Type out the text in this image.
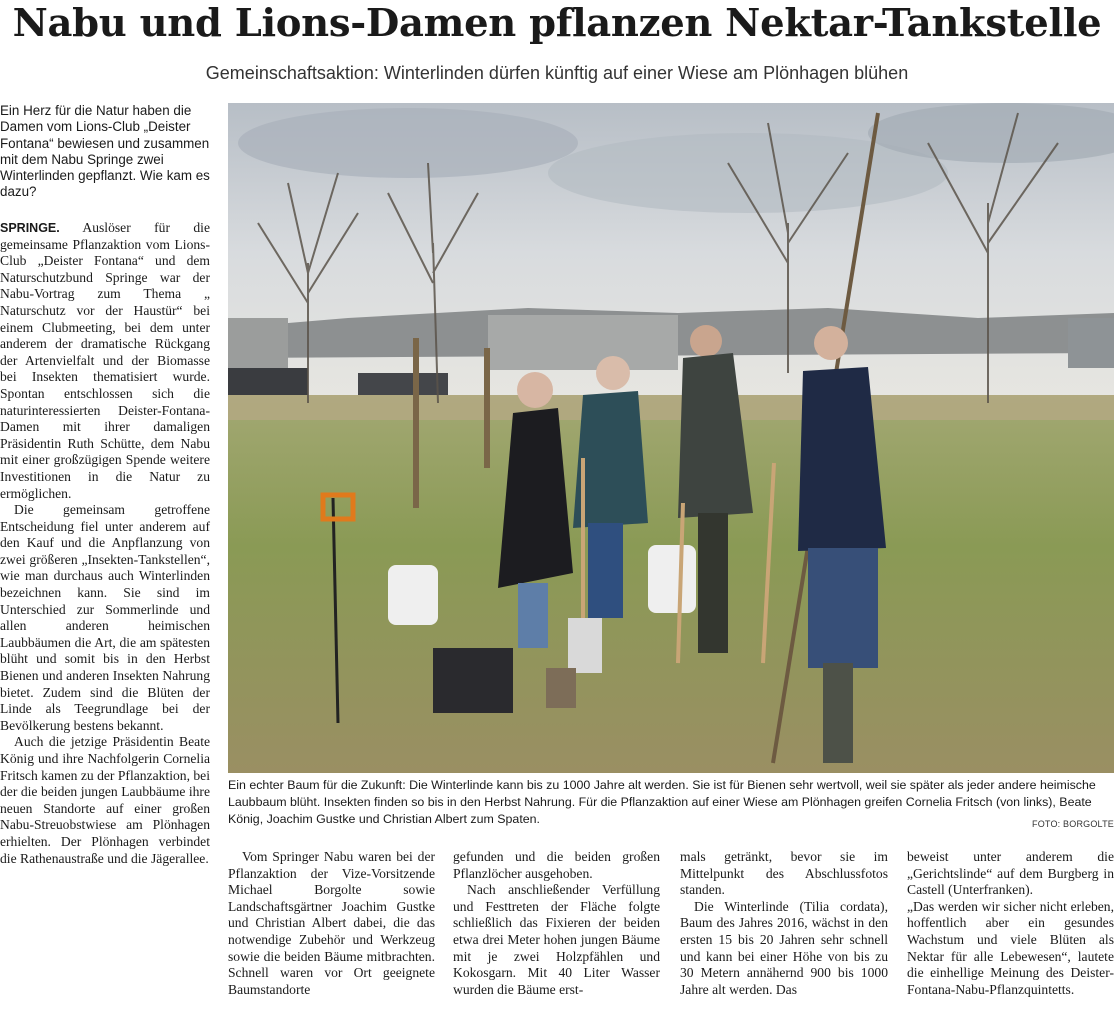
Nabu und Lions-Damen pflanzen Nektar-Tankstelle
Gemeinschaftsaktion: Winterlinden dürfen künftig auf einer Wiese am Plönhagen blühen
Ein Herz für die Natur haben die Damen vom Lions-Club „Deister Fontana“ bewiesen und zusammen mit dem Nabu Springe zwei Winterlinden gepflanzt. Wie kam es dazu?

SPRINGE. Auslöser für die gemeinsame Pflanzaktion vom Lions-Club „Deister Fontana“ und dem Naturschutzbund Springe war der Nabu-Vortrag zum Thema „ Naturschutz vor der Haustür“ bei einem Clubmeeting, bei dem unter anderem der dramatische Rückgang der Artenvielfalt und der Biomasse bei Insekten thematisiert wurde. Spontan entschlossen sich die naturinteressierten Deister-Fontana-Damen mit ihrer damaligen Präsidentin Ruth Schütte, dem Nabu mit einer großzügigen Spende weitere Investitionen in die Natur zu ermöglichen.

Die gemeinsam getroffene Entscheidung fiel unter anderem auf den Kauf und die Anpflanzung von zwei größeren „Insekten-Tankstellen“, wie man durchaus auch Winterlinden bezeichnen kann. Sie sind im Unterschied zur Sommerlinde und allen anderen heimischen Laubbäumen die Art, die am spätesten blüht und somit bis in den Herbst Bienen und anderen Insekten Nahrung bietet. Zudem sind die Blüten der Linde als Teegrundlage bei der Bevölkerung bestens bekannt.

Auch die jetzige Präsidentin Beate König und ihre Nachfolgerin Cornelia Fritsch kamen zu der Pflanzaktion, bei der die beiden jungen Laubbäume ihre neuen Standorte auf einer großen Nabu-Streuobstwiese am Plönhagen erhielten. Der Plönhagen verbindet die Rathenaustraße und die Jägerallee.

Ein echter Baum für die Zukunft: Die Winterlinde kann bis zu 1000 Jahre alt werden. Sie ist für Bienen sehr wertvoll, weil sie später als jeder andere heimische Laubbaum blüht. Insekten finden so bis in den Herbst Nahrung. Für die Pflanzaktion auf einer Wiese am Plönhagen greifen Cornelia Fritsch (von links), Beate König, Joachim Gustke und Christian Albert zum Spaten.	FOTO: BORGOLTE

Vom Springer Nabu waren bei der Pflanzaktion der Vize-Vorsitzende Michael Borgolte sowie Landschaftsgärtner Joachim Gustke und Christian Albert dabei, die das notwendige Zubehör und Werkzeug sowie die beiden Bäume mitbrachten. Schnell waren vor Ort geeignete Baumstandorte

gefunden und die beiden großen Pflanzlöcher ausgehoben.

Nach anschließender Verfüllung und Festtreten der Fläche folgte schließlich das Fixieren der beiden etwa drei Meter hohen jungen Bäume mit je zwei Holzpfählen und Kokosgarn. Mit 40 Liter Wasser wurden die Bäume erst-

mals getränkt, bevor sie im Mittelpunkt des Abschlussfotos standen.

Die Winterlinde (Tilia cordata), Baum des Jahres 2016, wächst in den ersten 15 bis 20 Jahren sehr schnell und kann bei einer Höhe von bis zu 30 Metern annähernd 900 bis 1000 Jahre alt werden. Das

beweist unter anderem die „Gerichtslinde“ auf dem Burgberg in Castell (Unterfranken).

„Das werden wir sicher nicht erleben, hoffentlich aber ein gesundes Wachstum und viele Blüten als Nektar für alle Lebewesen“, lautete die einhellige Meinung des Deister-Fontana-Nabu-Pflanzquintetts.
